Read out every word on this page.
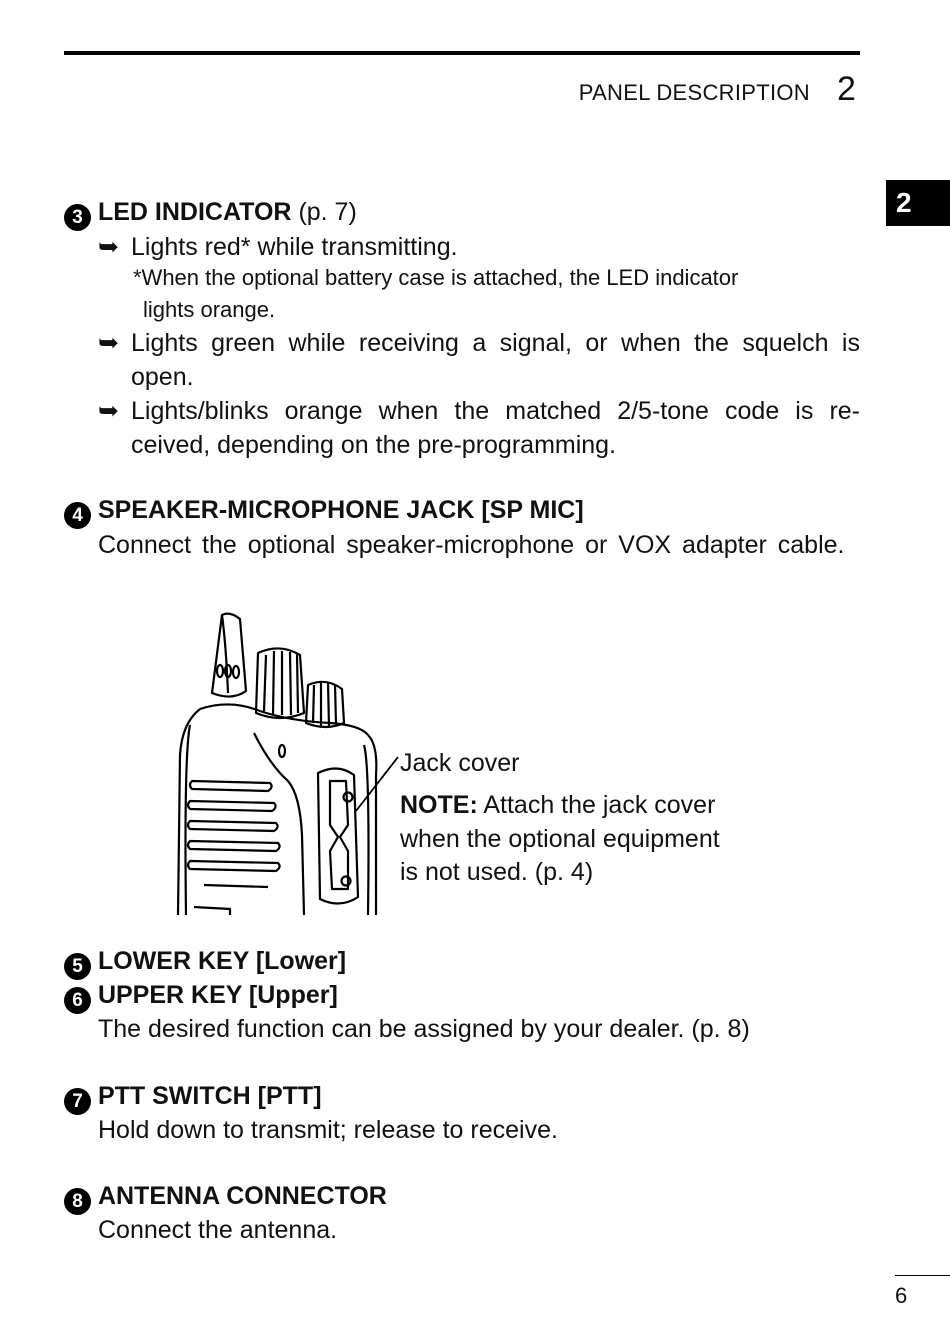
PANEL DESCRIPTION 2
2
3 LED INDICATOR (p. 7)
➥ Lights red* while transmitting.
*When the optional battery case is attached, the LED indicator
lights orange.
➥ Lights green while receiving a signal, or when the squelch is open.
➥ Lights/blinks orange when the matched 2/5-tone code is re-ceived, depending on the pre-programming.
4 SPEAKER-MICROPHONE JACK [SP MIC]
Connect the optional speaker-microphone or VOX adapter cable.
Jack cover
NOTE: Attach the jack cover
when the optional equipment
is not used. (p. 4)
5 LOWER KEY [Lower]
6 UPPER KEY [Upper]
The desired function can be assigned by your dealer. (p. 8)
7 PTT SWITCH [PTT]
Hold down to transmit; release to receive.
8 ANTENNA CONNECTOR
Connect the antenna.
6
